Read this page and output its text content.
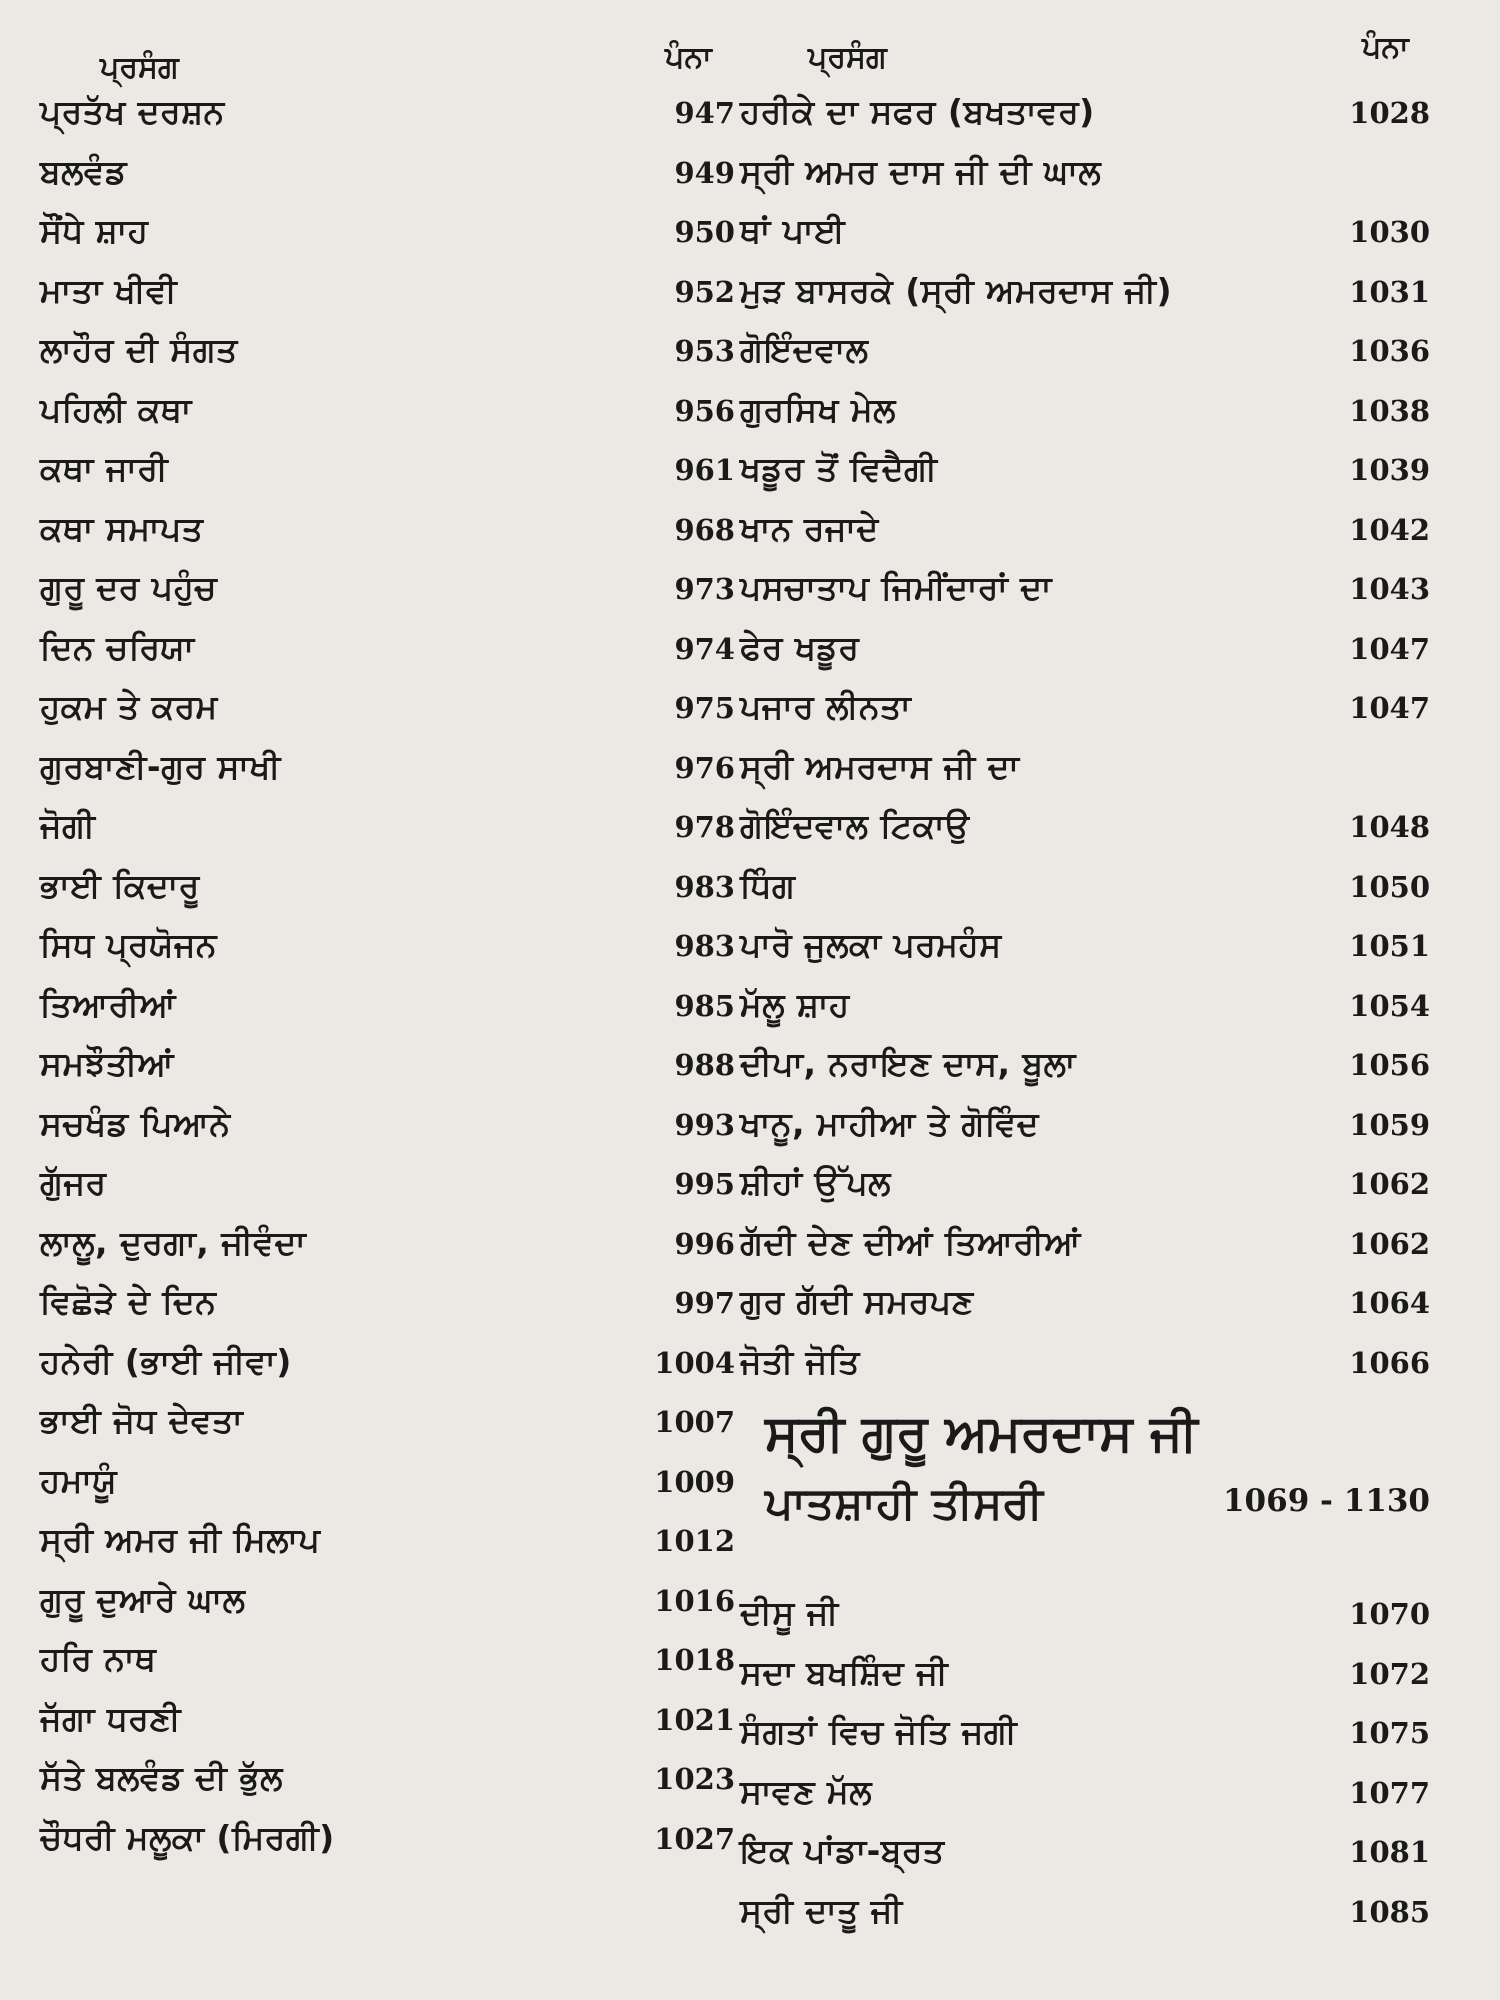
ਪ੍ਰਸੰਗ	ਪੰਨਾ	ਪ੍ਰਸੰਗ	ਪੰਨਾ
ਪ੍ਰਤੱਖ ਦਰਸ਼ਨ	947
ਬਲਵੰਡ	949
ਸੌਂਧੇ ਸ਼ਾਹ	950
ਮਾਤਾ ਖੀਵੀ	952
ਲਾਹੌਰ ਦੀ ਸੰਗਤ	953
ਪਹਿਲੀ ਕਥਾ	956
ਕਥਾ ਜਾਰੀ	961
ਕਥਾ ਸਮਾਪਤ	968
ਗੁਰੂ ਦਰ ਪਹੁੰਚ	973
ਦਿਨ ਚਰਿਯਾ	974
ਹੁਕਮ ਤੇ ਕਰਮ	975
ਗੁਰਬਾਣੀ-ਗੁਰ ਸਾਖੀ	976
ਜੋਗੀ	978
ਭਾਈ ਕਿਦਾਰੂ	983
ਸਿਧ ਪ੍ਰਯੋਜਨ	983
ਤਿਆਰੀਆਂ	985
ਸਮਝੌਤੀਆਂ	988
ਸਚਖੰਡ ਪਿਆਨੇ	993
ਗੁੱਜਰ	995
ਲਾਲੂ, ਦੁਰਗਾ, ਜੀਵੰਦਾ	996
ਵਿਛੋੜੇ ਦੇ ਦਿਨ	997
ਹਨੇਰੀ (ਭਾਈ ਜੀਵਾ)	1004
ਭਾਈ ਜੋਧ ਦੇਵਤਾ	1007
ਹਮਾਯੂੰ	1009
ਸ੍ਰੀ ਅਮਰ ਜੀ ਮਿਲਾਪ	1012
ਗੁਰੂ ਦੁਆਰੇ ਘਾਲ	1016
ਹਰਿ ਨਾਥ	1018
ਜੱਗਾ ਧਰਣੀ	1021
ਸੱਤੇ ਬਲਵੰਡ ਦੀ ਭੁੱਲ	1023
ਚੌਧਰੀ ਮਲੂਕਾ (ਮਿਰਗੀ)	1027
ਹਰੀਕੇ ਦਾ ਸਫਰ (ਬਖਤਾਵਰ)	1028
ਸ੍ਰੀ ਅਮਰ ਦਾਸ ਜੀ ਦੀ ਘਾਲ
ਥਾਂ ਪਾਈ	1030
ਮੁੜ ਬਾਸਰਕੇ (ਸ੍ਰੀ ਅਮਰਦਾਸ ਜੀ)	1031
ਗੋਇੰਦਵਾਲ	1036
ਗੁਰਸਿਖ ਮੇਲ	1038
ਖਡੂਰ ਤੋਂ ਵਿਦੈਗੀ	1039
ਖਾਨ ਰਜਾਦੇ	1042
ਪਸਚਾਤਾਪ ਜਿਮੀਂਦਾਰਾਂ ਦਾ	1043
ਫੇਰ ਖਡੂਰ	1047
ਪਜਾਰ ਲੀਨਤਾ	1047
ਸ੍ਰੀ ਅਮਰਦਾਸ ਜੀ ਦਾ
ਗੋਇੰਦਵਾਲ ਟਿਕਾਉ	1048
ਧਿੰਗ	1050
ਪਾਰੋ ਜੁਲਕਾ ਪਰਮਹੰਸ	1051
ਮੱਲੂ ਸ਼ਾਹ	1054
ਦੀਪਾ, ਨਰਾਇਣ ਦਾਸ, ਬੂਲਾ	1056
ਖਾਨੂ, ਮਾਹੀਆ ਤੇ ਗੋਵਿੰਦ	1059
ਸ਼ੀਹਾਂ ਉੱਪਲ	1062
ਗੱਦੀ ਦੇਣ ਦੀਆਂ ਤਿਆਰੀਆਂ	1062
ਗੁਰ ਗੱਦੀ ਸਮਰਪਣ	1064
ਜੋਤੀ ਜੋਤਿ	1066
ਸ੍ਰੀ ਗੁਰੂ ਅਮਰਦਾਸ ਜੀ
ਪਾਤਸ਼ਾਹੀ ਤੀਸਰੀ	1069 - 1130
ਦੀਸੂ ਜੀ	1070
ਸਦਾ ਬਖਸ਼ਿੰਦ ਜੀ	1072
ਸੰਗਤਾਂ ਵਿਚ ਜੋਤਿ ਜਗੀ	1075
ਸਾਵਣ ਮੱਲ	1077
ਇਕ ਪਾਂਡਾ-ਬ੍ਰਤ	1081
ਸ੍ਰੀ ਦਾਤੂ ਜੀ	1085
